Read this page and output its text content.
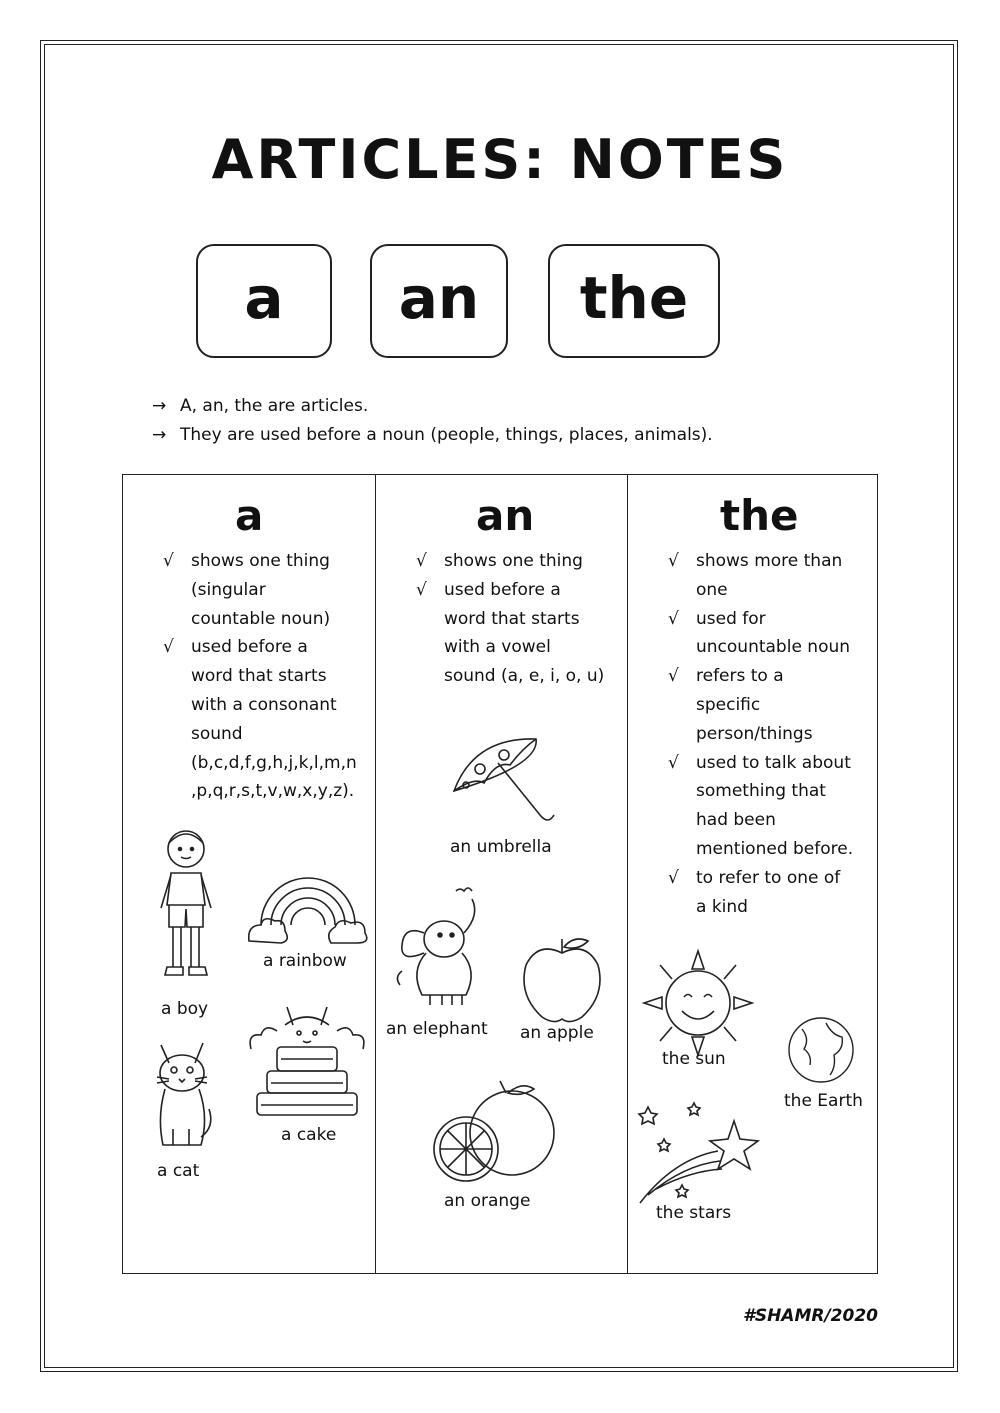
ARTICLES: NOTES
a an the
→ A, an, the are articles.
→ They are used before a noun (people, things, places, animals).
a
√ shows one thing
(singular
countable noun)
√ used before a
word that starts
with a consonant
sound
(b,c,d,f,g,h,j,k,l,m,n
,p,q,r,s,t,v,w,x,y,z).
a boy
a rainbow
a cat
a cake
an
√ shows one thing
√ used before a
word that starts
with a vowel
sound (a, e, i, o, u)
an umbrella
an elephant an apple
an orange
the
√ shows more than
one
√ used for
uncountable noun
√ refers to a
specific
person/things
√ used to talk about
something that
had been
mentioned before.
√ to refer to one of
a kind
the sun
the Earth
the stars
#SHAMR/2020
